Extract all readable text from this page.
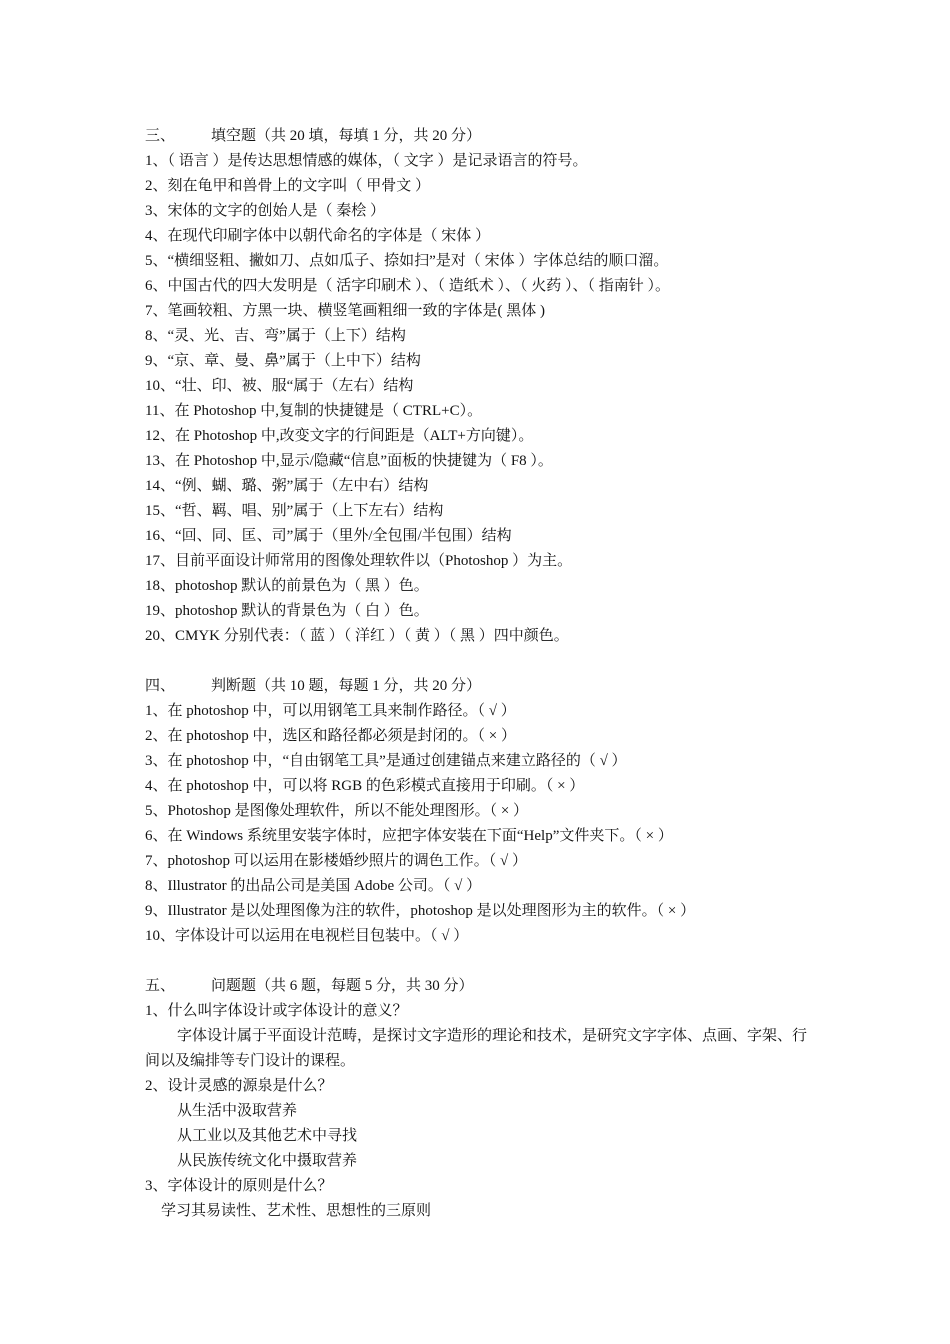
三、 填空题（共 20 填，每填 1 分，共 20 分）
1、（ 语言 ）是传达思想情感的媒体，（ 文字 ）是记录语言的符号。
2、刻在龟甲和兽骨上的文字叫（ 甲骨文 ）
3、宋体的文字的创始人是（ 秦桧 ）
4、在现代印刷字体中以朝代命名的字体是（ 宋体 ）
5、“横细竖粗、撇如刀、点如瓜子、捺如扫”是对（ 宋体 ）字体总结的顺口溜。
6、中国古代的四大发明是（ 活字印刷术 ）、（ 造纸术 ）、（ 火药 ）、（ 指南针 ）。
7、笔画较粗、方黑一块、横竖笔画粗细一致的字体是( 黑体 )
8、“灵、光、吉、弯”属于（上下）结构
9、“京、章、曼、鼻”属于（上中下）结构
10、“壮、印、被、服“属于（左右）结构
11、在 Photoshop 中,复制的快捷键是（ CTRL+C）。
12、在 Photoshop 中,改变文字的行间距是（ALT+方向键）。
13、在 Photoshop 中,显示/隐藏“信息”面板的快捷键为（ F8 ）。
14、“例、蝴、璐、粥”属于（左中右）结构
15、“哲、羁、唱、别”属于（上下左右）结构
16、“回、同、匡、司”属于（里外/全包围/半包围）结构
17、目前平面设计师常用的图像处理软件以（Photoshop ）为主。
18、photoshop 默认的前景色为（ 黑 ）色。
19、photoshop 默认的背景色为（ 白 ）色。
20、CMYK 分别代表：（ 蓝 ）（ 洋红 ）（ 黄 ）（ 黑 ）四中颜色。
四、 判断题（共 10 题，每题 1 分，共 20 分）
1、在 photoshop 中，可以用钢笔工具来制作路径。（ √ ）
2、在 photoshop 中，选区和路径都必须是封闭的。（ × ）
3、在 photoshop 中，“自由钢笔工具”是通过创建锚点来建立路径的（ √ ）
4、在 photoshop 中，可以将 RGB 的色彩模式直接用于印刷。（ × ）
5、Photoshop 是图像处理软件，所以不能处理图形。（ × ）
6、在 Windows 系统里安装字体时，应把字体安装在下面“Help”文件夹下。（ × ）
7、photoshop 可以运用在影楼婚纱照片的调色工作。（ √ ）
8、Illustrator 的出品公司是美国 Adobe 公司。（ √ ）
9、Illustrator 是以处理图像为注的软件，photoshop 是以处理图形为主的软件。（ × ）
10、字体设计可以运用在电视栏目包装中。（ √ ）
五、 问题题（共 6 题，每题 5 分，共 30 分）
1、什么叫字体设计或字体设计的意义？
字体设计属于平面设计范畴，是探讨文字造形的理论和技术，是研究文字字体、点画、字架、行间以及编排等专门设计的课程。
2、设计灵感的源泉是什么？
从生活中汲取营养
从工业以及其他艺术中寻找
从民族传统文化中摄取营养
3、字体设计的原则是什么？
学习其易读性、艺术性、思想性的三原则
